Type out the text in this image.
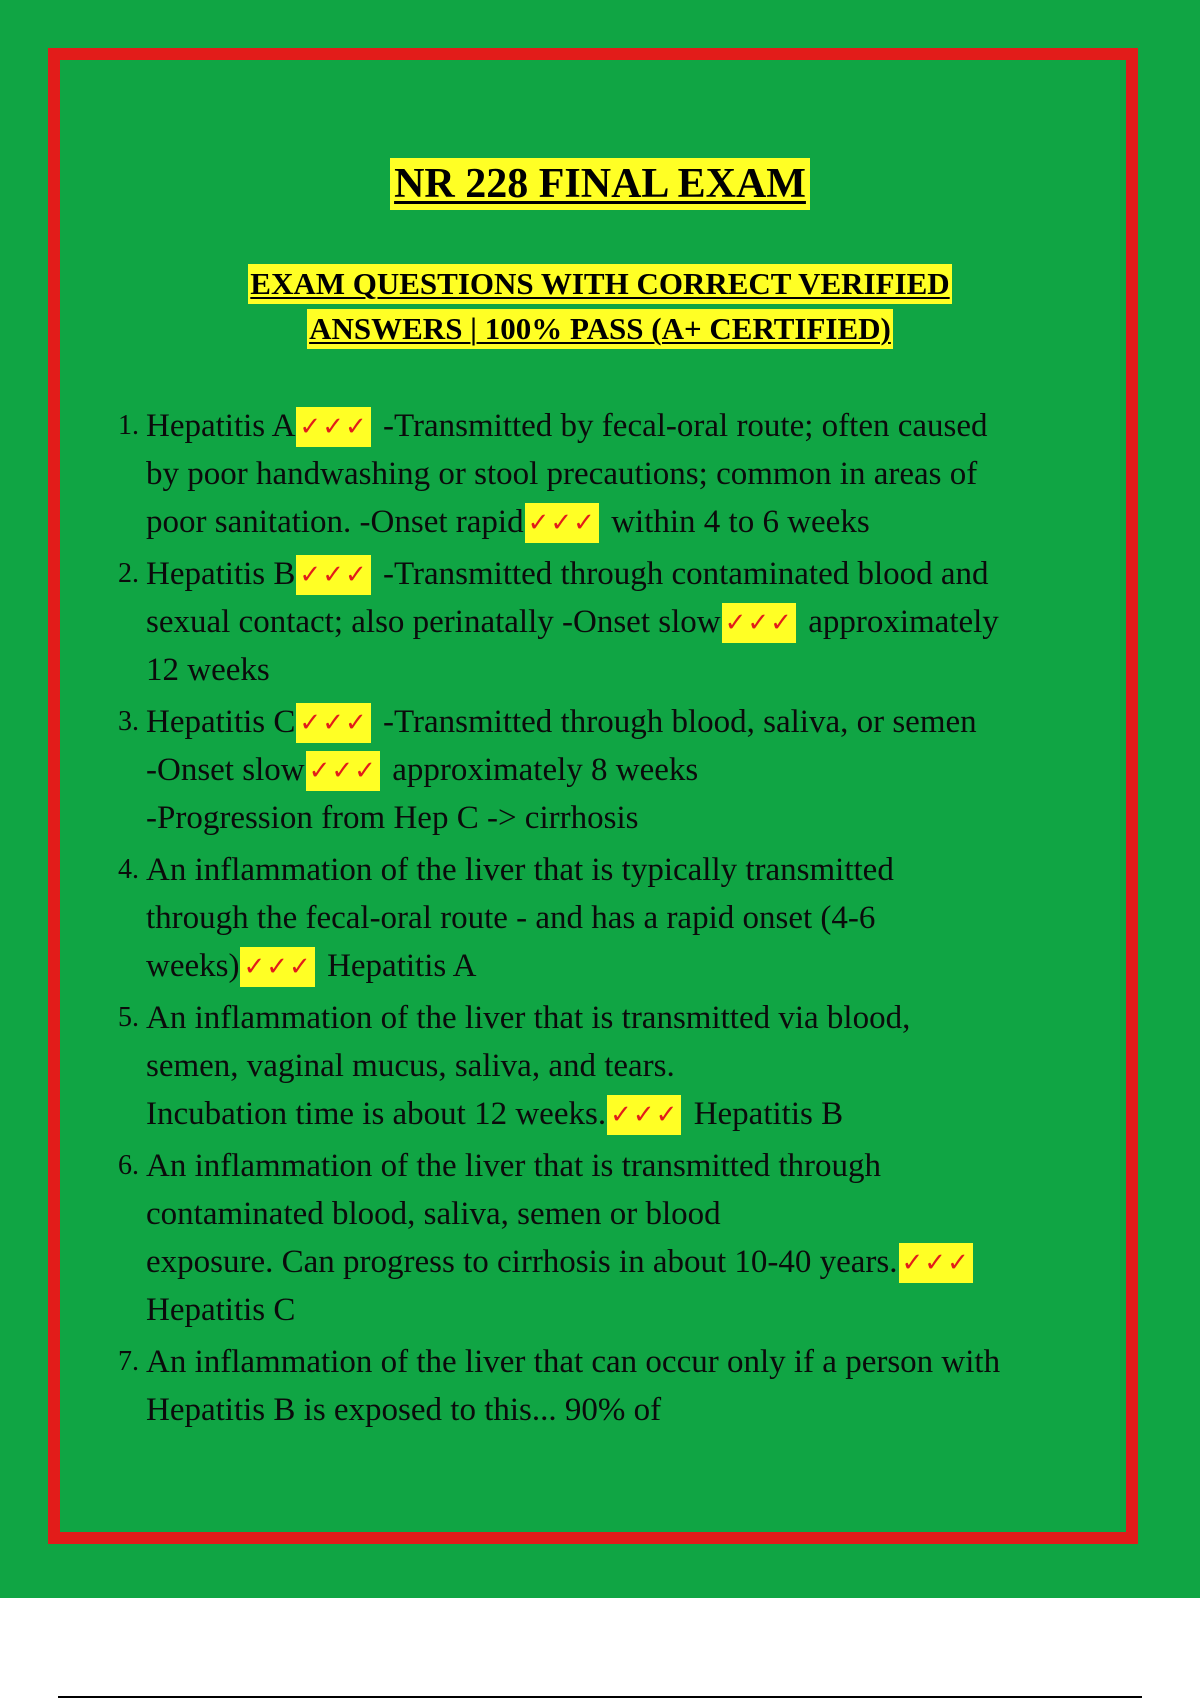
NR 228 FINAL EXAM
EXAM QUESTIONS WITH CORRECT VERIFIED
ANSWERS | 100% PASS (A+ CERTIFIED)
1. Hepatitis A ✓✓✓ -Transmitted by fecal-oral route; often caused
by poor handwashing or stool precautions; common in areas of
poor sanitation. -Onset rapid ✓✓✓ within 4 to 6 weeks
2. Hepatitis B ✓✓✓ -Transmitted through contaminated blood and
sexual contact; also perinatally -Onset slow ✓✓✓ approximately
12 weeks
3. Hepatitis C ✓✓✓ -Transmitted through blood, saliva, or semen
-Onset slow ✓✓✓ approximately 8 weeks
-Progression from Hep C -> cirrhosis
4. An inflammation of the liver that is typically transmitted
through the fecal-oral route - and has a rapid onset (4-6
weeks) ✓✓✓ Hepatitis A
5. An inflammation of the liver that is transmitted via blood,
semen, vaginal mucus, saliva, and tears.
Incubation time is about 12 weeks. ✓✓✓ Hepatitis B
6. An inflammation of the liver that is transmitted through
contaminated blood, saliva, semen or blood
exposure. Can progress to cirrhosis in about 10-40 years. ✓✓✓
Hepatitis C
7. An inflammation of the liver that can occur only if a person with
Hepatitis B is exposed to this... 90% of
